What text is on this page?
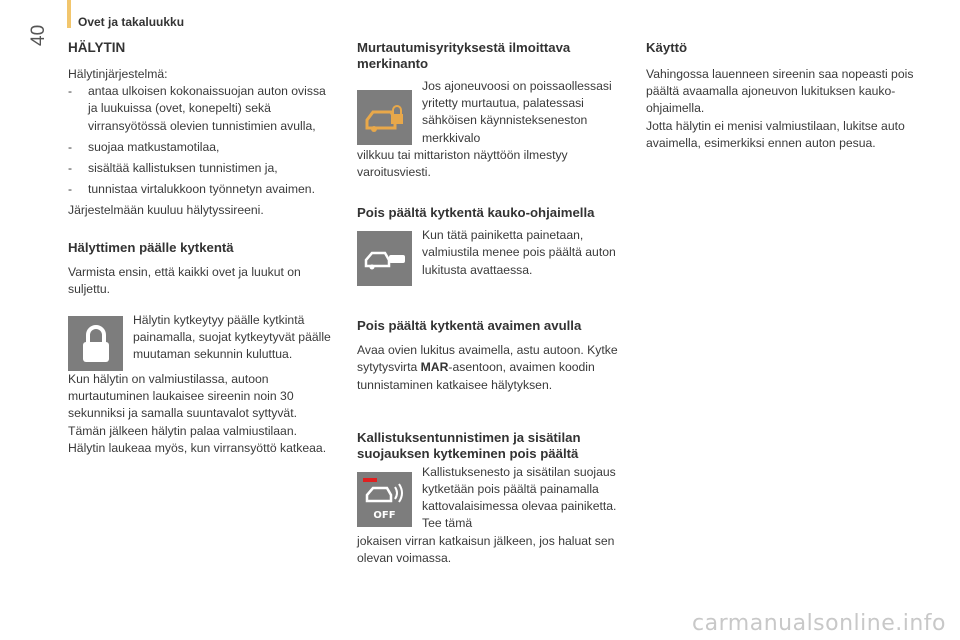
Ovet ja takaluukku
40
HÄLYTIN

Hälytinjärjestelmä:

- antaa ulkoisen kokonaissuojan auton ovissa ja luukuissa (ovet, konepelti) sekä virransyötössä olevien tunnistimien avulla,
- suojaa matkustamotilaa,
- sisältää kallistuksen tunnistimen ja,
- tunnistaa virtalukkoon työnnetyn avaimen.

Järjestelmään kuuluu hälytyssireeni.

Hälyttimen päälle kytkentä

Varmista ensin, että kaikki ovet ja luukut on suljettu.

Hälytin kytkeytyy päälle kytkintä painamalla, suojat kytkeytyvät päälle muutaman sekunnin kuluttua.

Kun hälytin on valmiustilassa, autoon murtautuminen laukaisee sireenin noin 30 sekunniksi ja samalla suuntavalot syttyvät.

Tämän jälkeen hälytin palaa valmiustilaan. Hälytin laukeaa myös, kun virransyöttö katkeaa.

Murtautumisyrityksestä ilmoittava merkinanto

Jos ajoneuvoosi on poissaollessasi yritetty murtautua, palatessasi sähköisen käynnistekseneston merkkivalo

vilkkuu tai mittariston näyttöön ilmestyy varoitusviesti.

Pois päältä kytkentä kauko-ohjaimella

Kun tätä painiketta painetaan, valmiustila menee pois päältä auton lukitusta avattaessa.

Pois päältä kytkentä avaimen avulla

Avaa ovien lukitus avaimella, astu autoon. Kytke sytytysvirta MAR-asentoon, avaimen koodin tunnistaminen katkaisee hälytyksen.

Kallistuksentunnistimen ja sisätilan suojauksen kytkeminen pois päältä
OFF

Kallistuksenesto ja sisätilan suojaus kytketään pois päältä painamalla kattovalaisimessa olevaa painiketta. Tee tämä

jokaisen virran katkaisun jälkeen, jos haluat sen olevan voimassa.

Käyttö

Vahingossa lauenneen sireenin saa nopeasti pois päältä avaamalla ajoneuvon lukituksen kauko-ohjaimella.

Jotta hälytin ei menisi valmiustilaan, lukitse auto avaimella, esimerkiksi ennen auton pesua.

carmanualsonline.info
